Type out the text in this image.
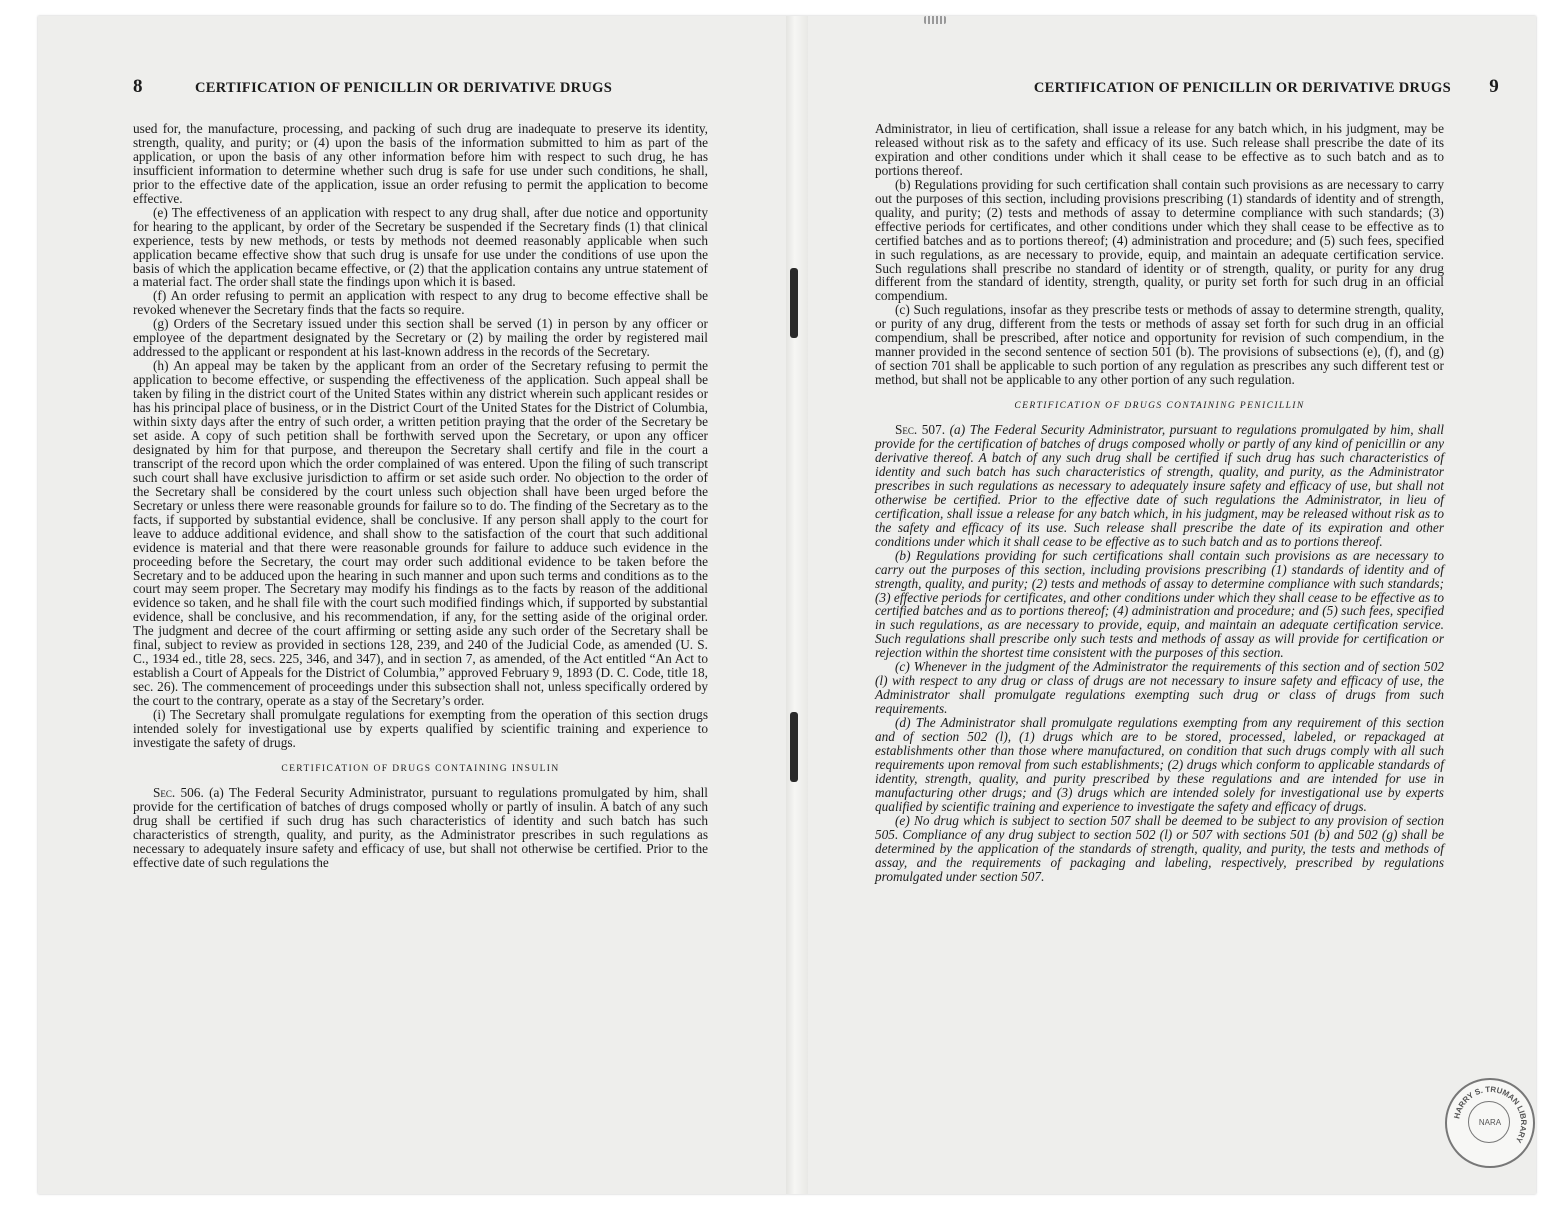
8	CERTIFICATION OF PENICILLIN OR DERIVATIVE DRUGS

used for, the manufacture, processing, and packing of such drug are inadequate to preserve its identity, strength, quality, and purity; or (4) upon the basis of the information submitted to him as part of the application, or upon the basis of any other information before him with respect to such drug, he has insufficient information to determine whether such drug is safe for use under such conditions, he shall, prior to the effective date of the application, issue an order refusing to permit the application to become effective.

(e) The effectiveness of an application with respect to any drug shall, after due notice and opportunity for hearing to the applicant, by order of the Secretary be suspended if the Secretary finds (1) that clinical experience, tests by new methods, or tests by methods not deemed reasonably applicable when such application became effective show that such drug is unsafe for use under the conditions of use upon the basis of which the application became effective, or (2) that the application contains any untrue statement of a material fact. The order shall state the findings upon which it is based.

(f) An order refusing to permit an application with respect to any drug to become effective shall be revoked whenever the Secretary finds that the facts so require.

(g) Orders of the Secretary issued under this section shall be served (1) in person by any officer or employee of the department designated by the Secretary or (2) by mailing the order by registered mail addressed to the applicant or respondent at his last-known address in the records of the Secretary.

(h) An appeal may be taken by the applicant from an order of the Secretary refusing to permit the application to become effective, or suspending the effectiveness of the application. Such appeal shall be taken by filing in the district court of the United States within any district wherein such applicant resides or has his principal place of business, or in the District Court of the United States for the District of Columbia, within sixty days after the entry of such order, a written petition praying that the order of the Secretary be set aside. A copy of such petition shall be forthwith served upon the Secretary, or upon any officer designated by him for that purpose, and thereupon the Secretary shall certify and file in the court a transcript of the record upon which the order complained of was entered. Upon the filing of such transcript such court shall have exclusive jurisdiction to affirm or set aside such order. No objection to the order of the Secretary shall be considered by the court unless such objection shall have been urged before the Secretary or unless there were reasonable grounds for failure so to do. The finding of the Secretary as to the facts, if supported by substantial evidence, shall be conclusive. If any person shall apply to the court for leave to adduce additional evidence, and shall show to the satisfaction of the court that such additional evidence is material and that there were reasonable grounds for failure to adduce such evidence in the proceeding before the Secretary, the court may order such additional evidence to be taken before the Secretary and to be adduced upon the hearing in such manner and upon such terms and conditions as to the court may seem proper. The Secretary may modify his findings as to the facts by reason of the additional evidence so taken, and he shall file with the court such modified findings which, if supported by substantial evidence, shall be conclusive, and his recommendation, if any, for the setting aside of the original order. The judgment and decree of the court affirming or setting aside any such order of the Secretary shall be final, subject to review as provided in sections 128, 239, and 240 of the Judicial Code, as amended (U. S. C., 1934 ed., title 28, secs. 225, 346, and 347), and in section 7, as amended, of the Act entitled “An Act to establish a Court of Appeals for the District of Columbia,” approved February 9, 1893 (D. C. Code, title 18, sec. 26). The commencement of proceedings under this subsection shall not, unless specifically ordered by the court to the contrary, operate as a stay of the Secretary’s order.

(i) The Secretary shall promulgate regulations for exempting from the operation of this section drugs intended solely for investigational use by experts qualified by scientific training and experience to investigate the safety of drugs.

CERTIFICATION OF DRUGS CONTAINING INSULIN

Sec. 506. (a) The Federal Security Administrator, pursuant to regulations promulgated by him, shall provide for the certification of batches of drugs composed wholly or partly of insulin. A batch of any such drug shall be certified if such drug has such characteristics of identity and such batch has such characteristics of strength, quality, and purity, as the Administrator prescribes in such regulations as necessary to adequately insure safety and efficacy of use, but shall not otherwise be certified. Prior to the effective date of such regulations the

CERTIFICATION OF PENICILLIN OR DERIVATIVE DRUGS 9

Administrator, in lieu of certification, shall issue a release for any batch which, in his judgment, may be released without risk as to the safety and efficacy of its use. Such release shall prescribe the date of its expiration and other conditions under which it shall cease to be effective as to such batch and as to portions thereof.

(b) Regulations providing for such certification shall contain such provisions as are necessary to carry out the purposes of this section, including provisions prescribing (1) standards of identity and of strength, quality, and purity; (2) tests and methods of assay to determine compliance with such standards; (3) effective periods for certificates, and other conditions under which they shall cease to be effective as to certified batches and as to portions thereof; (4) administration and procedure; and (5) such fees, specified in such regulations, as are necessary to provide, equip, and maintain an adequate certification service. Such regulations shall prescribe no standard of identity or of strength, quality, or purity for any drug different from the standard of identity, strength, quality, or purity set forth for such drug in an official compendium.

(c) Such regulations, insofar as they prescribe tests or methods of assay to determine strength, quality, or purity of any drug, different from the tests or methods of assay set forth for such drug in an official compendium, shall be prescribed, after notice and opportunity for revision of such compendium, in the manner provided in the second sentence of section 501 (b). The provisions of subsections (e), (f), and (g) of section 701 shall be applicable to such portion of any regulation as prescribes any such different test or method, but shall not be applicable to any other portion of any such regulation.

CERTIFICATION OF DRUGS CONTAINING PENICILLIN

Sec. 507. (a) The Federal Security Administrator, pursuant to regulations promulgated by him, shall provide for the certification of batches of drugs composed wholly or partly of any kind of penicillin or any derivative thereof. A batch of any such drug shall be certified if such drug has such characteristics of identity and such batch has such characteristics of strength, quality, and purity, as the Administrator prescribes in such regulations as necessary to adequately insure safety and efficacy of use, but shall not otherwise be certified. Prior to the effective date of such regulations the Administrator, in lieu of certification, shall issue a release for any batch which, in his judgment, may be released without risk as to the safety and efficacy of its use. Such release shall prescribe the date of its expiration and other conditions under which it shall cease to be effective as to such batch and as to portions thereof.

(b) Regulations providing for such certifications shall contain such provisions as are necessary to carry out the purposes of this section, including provisions prescribing (1) standards of identity and of strength, quality, and purity; (2) tests and methods of assay to determine compliance with such standards; (3) effective periods for certificates, and other conditions under which they shall cease to be effective as to certified batches and as to portions thereof; (4) administration and procedure; and (5) such fees, specified in such regulations, as are necessary to provide, equip, and maintain an adequate certification service. Such regulations shall prescribe only such tests and methods of assay as will provide for certification or rejection within the shortest time consistent with the purposes of this section.

(c) Whenever in the judgment of the Administrator the requirements of this section and of section 502 (l) with respect to any drug or class of drugs are not necessary to insure safety and efficacy of use, the Administrator shall promulgate regulations exempting such drug or class of drugs from such requirements.

(d) The Administrator shall promulgate regulations exempting from any requirement of this section and of section 502 (l), (1) drugs which are to be stored, processed, labeled, or repackaged at establishments other than those where manufactured, on condition that such drugs comply with all such requirements upon removal from such establishments; (2) drugs which conform to applicable standards of identity, strength, quality, and purity prescribed by these regulations and are intended for use in manufacturing other drugs; and (3) drugs which are intended solely for investigational use by experts qualified by scientific training and experience to investigate the safety and efficacy of drugs.

(e) No drug which is subject to section 507 shall be deemed to be subject to any provision of section 505. Compliance of any drug subject to section 502 (l) or 507 with sections 501 (b) and 502 (g) shall be determined by the application of the standards of strength, quality, and purity, the tests and methods of assay, and the requirements of packaging and labeling, respectively, prescribed by regulations promulgated under section 507.

HARRY S. TRUMAN LIBRARY
NARA
